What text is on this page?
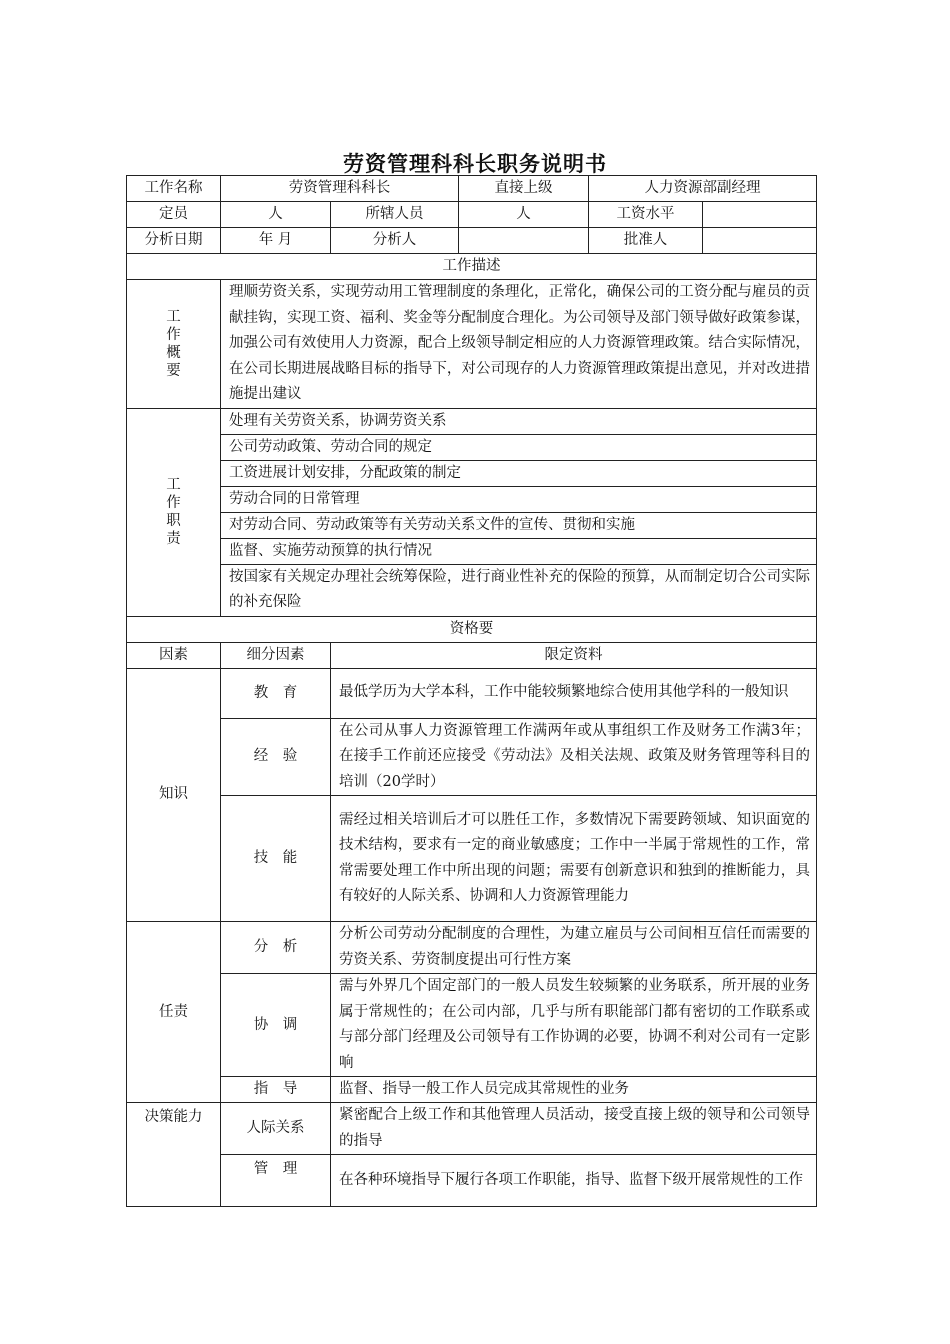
劳资管理科科长职务说明书
工作名称	劳资管理科科长		直接上级	人力资源部副经理	
定员	人	所辖人员	人	工资水平	
分析日期	年 月	分析人		批准人	
工作描述					

工
作
概
要	理顺劳资关系，实现劳动用工管理制度的条理化，正常化，确保公司的工资分配与雇员的贡献挂钩，实现工资、福利、奖金等分配制度合理化。为公司领导及部门领导做好政策参谋，加强公司有效使用人力资源，配合上级领导制定相应的人力资源管理政策。结合实际情况，在公司长期进展战略目标的指导下，对公司现存的人力资源管理政策提出意见，并对改进措施提出建议				

工
作
职
责	处理有关劳资关系，协调劳资关系				
	公司劳动政策、劳动合同的规定				
	工资进展计划安排，分配政策的制定				
	劳动合同的日常管理				
	对劳动合同、劳动政策等有关劳动关系文件的宣传、贯彻和实施				
	监督、实施劳动预算的执行情况				
	按国家有关规定办理社会统筹保险，进行商业性补充的保险的预算，从而制定切合公司实际的补充保险				
资格要					
因素	细分因素	限定资料			
知识	教　育	最低学历为大学本科，工作中能较频繁地综合使用其他学科的一般知识			
	经　验	在公司从事人力资源管理工作满两年或从事组织工作及财务工作满3年；在接手工作前还应接受《劳动法》及相关法规、政策及财务管理等科目的培训（20学时）			
	技　能	需经过相关培训后才可以胜任工作，多数情况下需要跨领域、知识面宽的技术结构，要求有一定的商业敏感度；工作中一半属于常规性的工作，常常需要处理工作中所出现的问题；需要有创新意识和独到的推断能力，具有较好的人际关系、协调和人力资源管理能力			
任责	分　析	分析公司劳动分配制度的合理性，为建立雇员与公司间相互信任而需要的劳资关系、劳资制度提出可行性方案			
	协　调	需与外界几个固定部门的一般人员发生较频繁的业务联系，所开展的业务属于常规性的；在公司内部，几乎与所有职能部门都有密切的工作联系或与部分部门经理及公司领导有工作协调的必要，协调不利对公司有一定影响			
	指　导	监督、指导一般工作人员完成其常规性的业务			
决策能力	人际关系	紧密配合上级工作和其他管理人员活动，接受直接上级的领导和公司领导的指导			
	管　理	在各种环境指导下履行各项工作职能，指导、监督下级开展常规性的工作			
